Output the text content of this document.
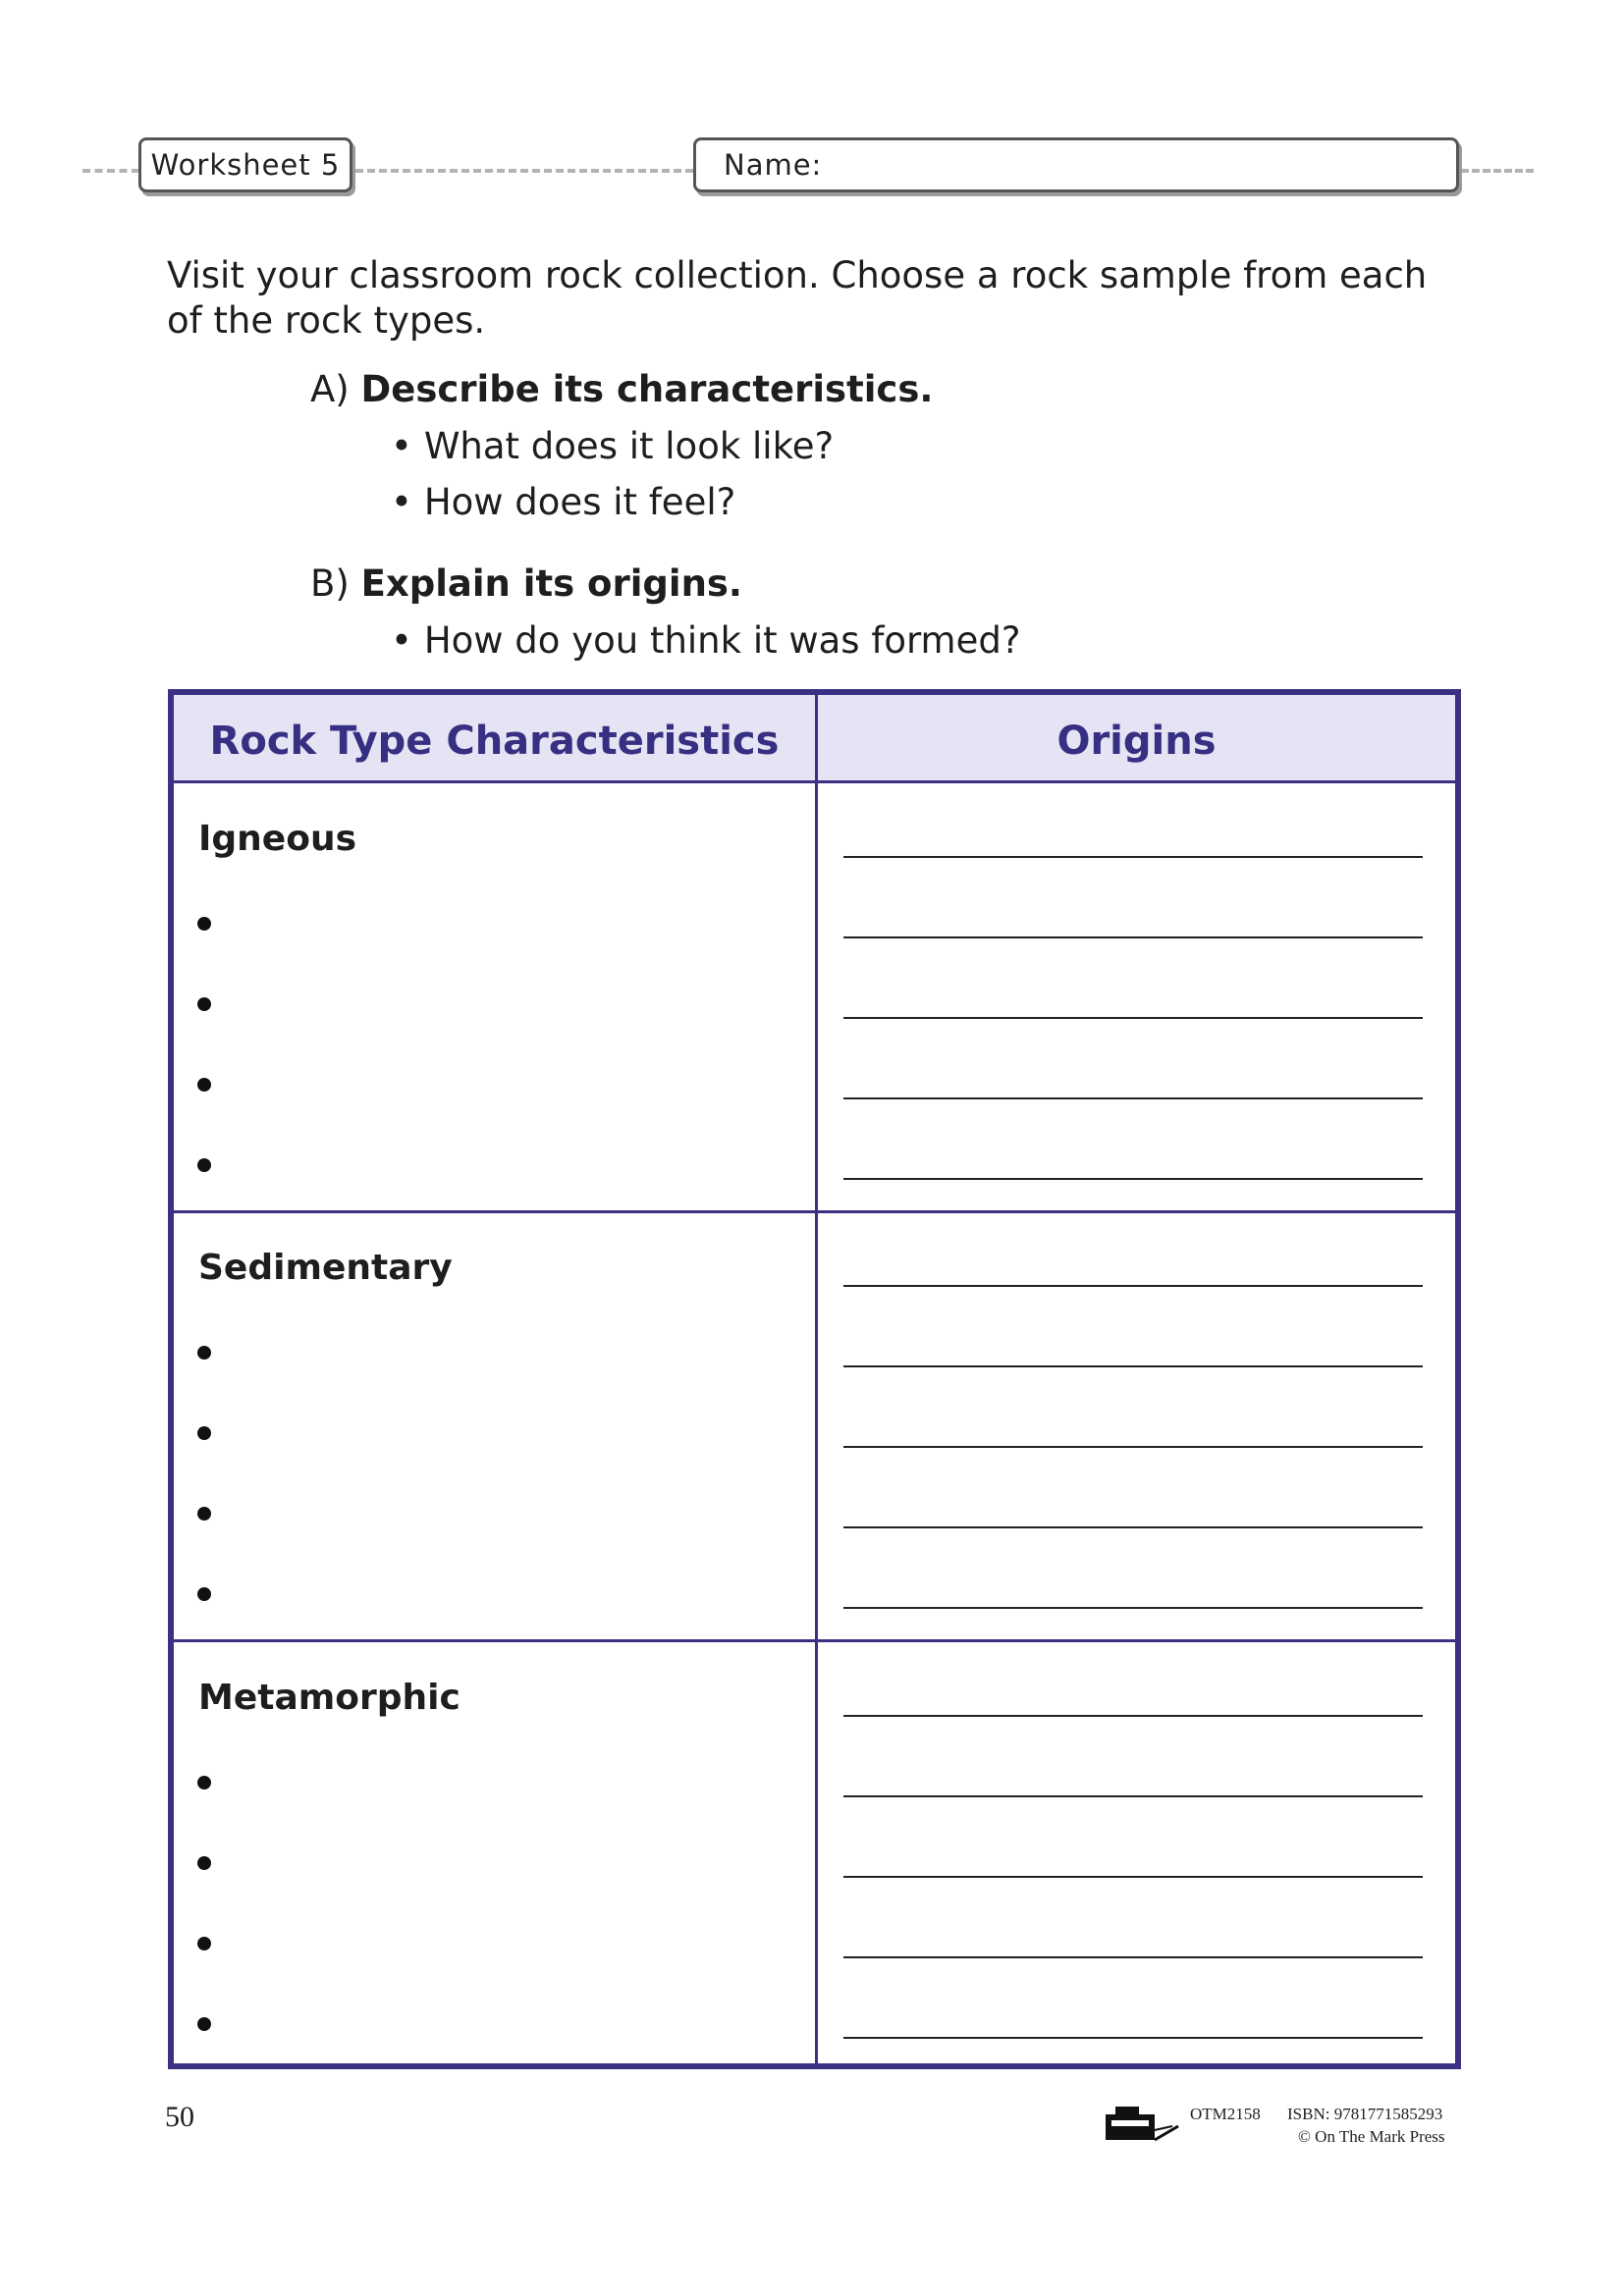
Worksheet 5	Name:
Visit your classroom rock collection. Choose a rock sample from each of the rock types.
A) Describe its characteristics.
• What does it look like?
• How does it feel?
B) Explain its origins.
• How do you think it was formed?
Rock Type Characteristics	Origins
Igneous
Sedimentary
Metamorphic
50	OTM2158 ISBN: 9781771585293
© On The Mark Press
